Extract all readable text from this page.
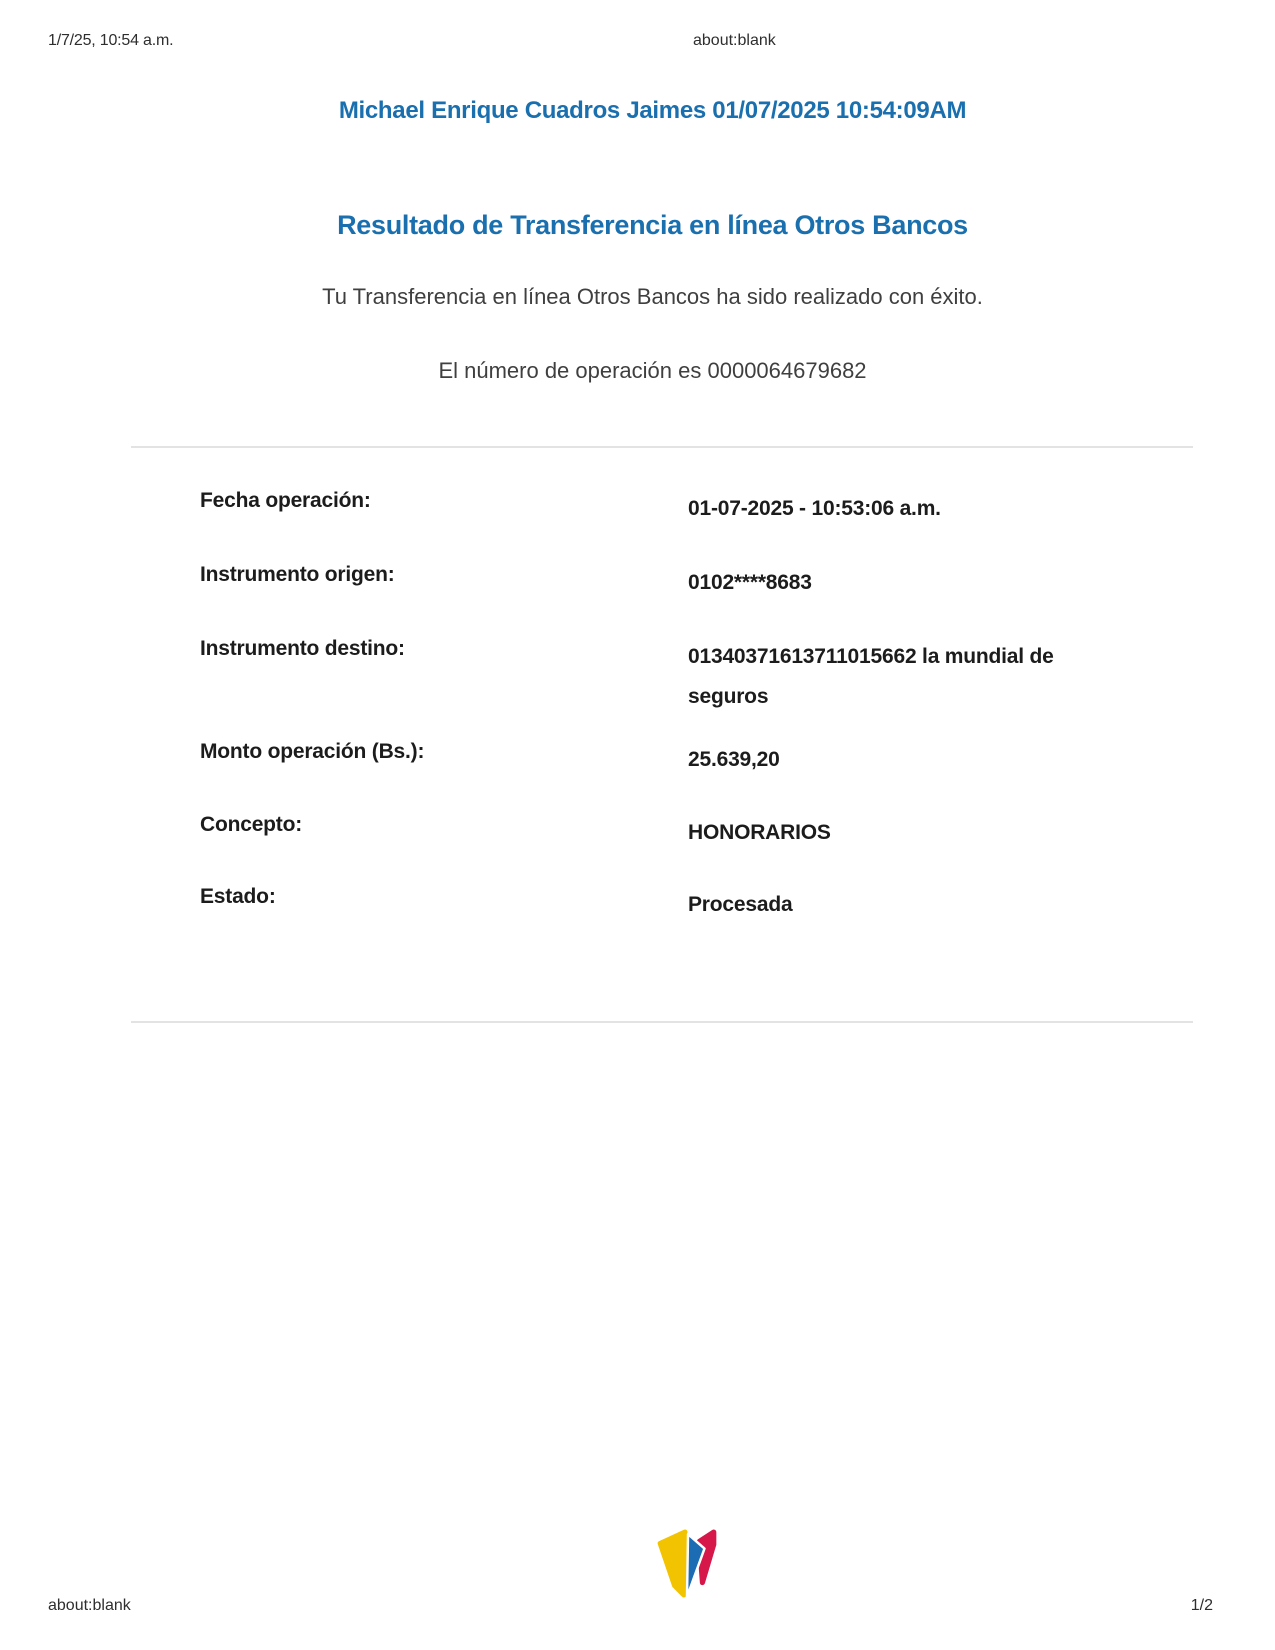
1/7/25, 10:54 a.m.	about:blank
Michael Enrique Cuadros Jaimes 01/07/2025 10:54:09AM
Resultado de Transferencia en línea Otros Bancos
Tu Transferencia en línea Otros Bancos ha sido realizado con éxito.
El número de operación es 0000064679682
Fecha operación:	01-07-2025 - 10:53:06 a.m.
Instrumento origen:	0102****8683
Instrumento destino:	01340371613711015662 la mundial de seguros
Monto operación (Bs.):	25.639,20
Concepto:	HONORARIOS
Estado:	Procesada
about:blank	1/2
